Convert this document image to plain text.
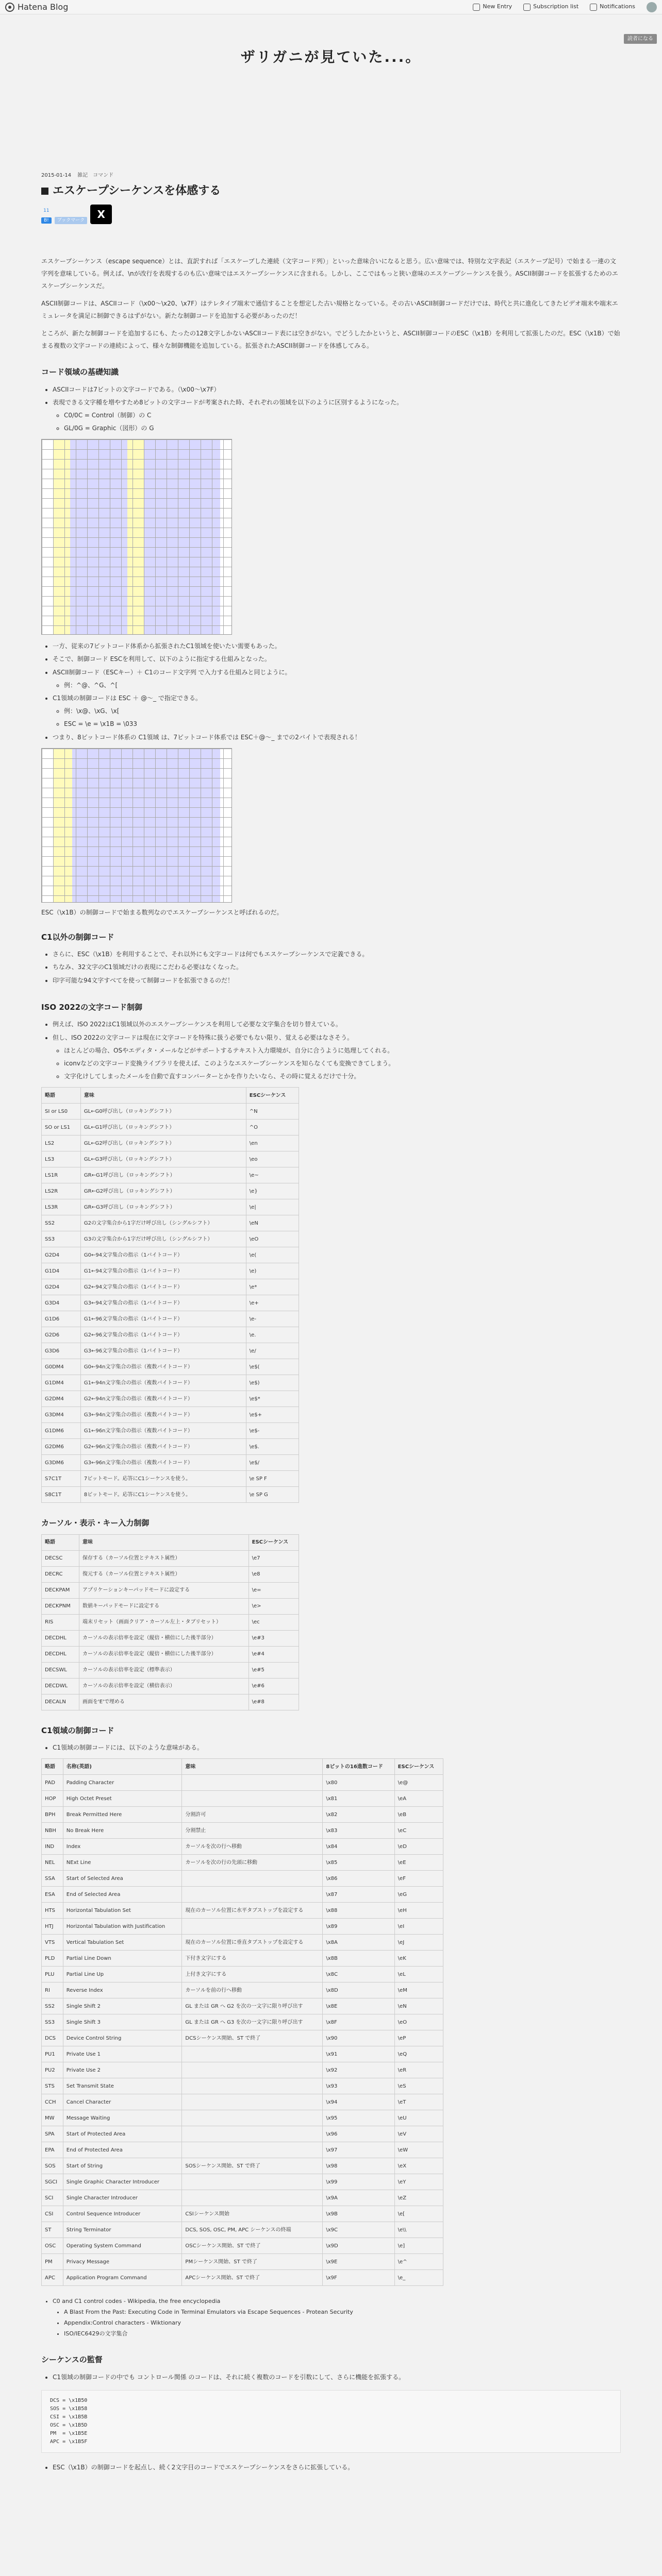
Hatena Blog	New Entry	Subscription list	Notifications
ザリガニが見ていた...。
読者になる
2015-01-14 雑記　コマンド
エスケープシーケンスを体感する
11
B!	ブックマーク	X

エスケープシーケンス（escape sequence）とは、直訳すれば「エスケープした連続（文字コード列）」といった意味合いになると思う。広い意味では、特別な文字表記（エスケープ記号）で始まる一連の文字列を意味している。例えば、\nが改行を表現するのも広い意味ではエスケープシーケンスに含まれる。しかし、ここではもっと狭い意味のエスケープシーケンスを扱う。ASCII制御コードを拡張するためのエスケープシーケンスだ。

ASCII制御コードは、ASCIIコード（\x00〜\x20、\x7F）はテレタイプ端末で通信することを想定した古い規格となっている。その古いASCII制御コードだけでは、時代と共に進化してきたビデオ端末や端末エミュレータを満足に制御できるはずがない。新たな制御コードを追加する必要があったのだ！

ところが、新たな制御コードを追加するにも、たったの128文字しかないASCIIコード表には空きがない。でどうしたかというと、ASCII制御コードのESC（\x1B）を利用して拡張したのだ。ESC（\x1B）で始まる複数の文字コードの連続によって、様々な制御機能を追加している。拡張されたASCII制御コードを体感してみる。

コード領域の基礎知識
• ASCIIコードは7ビットの文字コードである。（\x00〜\x7F）
• 表現できる文字種を増やすため8ビットの文字コードが考案された時、それぞれの領域を以下のように区別するようになった。
◦ C0/0C = Control（制御）の C
◦ GL/0G = Graphic（図形）の G
• 一方、従来の7ビットコード体系から拡張されたC1領域を使いたい需要もあった。
• そこで、制御コード ESCを利用して、以下のように指定する仕組みとなった。
• ASCII制御コード（ESCキー）＋ C1のコード文字列 で入力する仕組みと同じように。
◦ 例：^@、^G、^[
• C1領域の制御コードは ESC ＋ @〜_ で指定できる。
◦ 例：\x@、\xG、\x[
◦ ESC = \e = \x1B = \033
• つまり、8ビットコード体系の C1領域 は、7ビットコード体系では ESC＋@〜_ までの2バイトで表現される！

ESC（\x1B）の制御コードで始まる数列なのでエスケープシーケンスと呼ばれるのだ。

C1以外の制御コード
• さらに、ESC（\x1B）を利用することで、それ以外にも文字コードは何でもエスケープシーケンスで定義できる。
• ちなみ、32文字のC1領域だけの表現にこだわる必要はなくなった。
• 印字可能な94文字すべてを使って制御コードを拡張できるのだ！
ISO 2022の文字コード制御
• 例えば、ISO 2022はC1領域以外のエスケープシーケンスを利用して必要な文字集合を切り替えている。
• 但し、ISO 2022の文字コードは現在に文字コードを特殊に扱う必要でもない限り、覚える必要はなさそう。
◦ ほとんどの場合、OSやエディタ・メールなどがサポートするテキスト入力環境が、自分に合うように処理してくれる。
◦ iconvなどの文字コード変換ライブラリを使えば、このようなエスケープシーケンスを知らなくても変換できてしまう。
◦ 文字化けしてしまったメールを自動で直すコンバーターとかを作りたいなら、その時に覚えるだけで十分。
略語	意味	ESCシーケンス
SI or LS0	GL←G0呼び出し（ロッキングシフト）	^N
SO or LS1	GL←G1呼び出し（ロッキングシフト）	^O
LS2	GL←G2呼び出し（ロッキングシフト）	\en
LS3	GL←G3呼び出し（ロッキングシフト）	\eo
LS1R	GR←G1呼び出し（ロッキングシフト）	\e~
LS2R	GR←G2呼び出し（ロッキングシフト）	\e}
LS3R	GR←G3呼び出し（ロッキングシフト）	\e|
SS2	G2の文字集合から1字だけ呼び出し（シングルシフト）	\eN
SS3	G3の文字集合から1字だけ呼び出し（シングルシフト）	\eO
G2D4	G0←94文字集合の指示（1バイトコード）	\e(
G1D4	G1←94文字集合の指示（1バイトコード）	\e)
G2D4	G2←94文字集合の指示（1バイトコード）	\e*
G3D4	G3←94文字集合の指示（1バイトコード）	\e+
G1D6	G1←96文字集合の指示（1バイトコード）	\e-
G2D6	G2←96文字集合の指示（1バイトコード）	\e.
G3D6	G3←96文字集合の指示（1バイトコード）	\e/
G0DM4	G0←94n文字集合の指示（複数バイトコード）	\e$(
G1DM4	G1←94n文字集合の指示（複数バイトコード）	\e$)
G2DM4	G2←94n文字集合の指示（複数バイトコード）	\e$*
G3DM4	G3←94n文字集合の指示（複数バイトコード）	\e$+
G1DM6	G1←96n文字集合の指示（複数バイトコード）	\e$-
G2DM6	G2←96n文字集合の指示（複数バイトコード）	\e$.
G3DM6	G3←96n文字集合の指示（複数バイトコード）	\e$/
S7C1T	7ビットモード。応答にC1シーケンスを使う。	\e SP F
S8C1T	8ビットモード。応答にC1シーケンスを使う。	\e SP G
カーソル・表示・キー入力制御
略語	意味	ESCシーケンス
DECSC	保存する（カーソル位置とテキスト属性）	\e7
DECRC	復元する（カーソル位置とテキスト属性）	\e8
DECKPAM	アプリケーションキーパッドモードに設定する	\e=
DECKPNM	数値キーパッドモードに設定する	\e>
RIS	端末リセット（画面クリア・カーソル左上・タブリセット）	\ec
DECDHL	カーソルの表示倍率を設定（縦倍・横倍にした後半部分）	\e#3
DECDHL	カーソルの表示倍率を設定（縦倍・横倍にした後半部分）	\e#4
DECSWL	カーソルの表示倍率を設定（標準表示）	\e#5
DECDWL	カーソルの表示倍率を設定（横倍表示）	\e#6
DECALN	画面を'E'で埋める	\e#8
C1領域の制御コード
• C1領域の制御コードには、以下のような意味がある。
略語	名称(英語)	意味	8ビットの16進数コード	ESCシーケンス
PAD	Padding Character		\x80	\e@
HOP	High Octet Preset		\x81	\eA
BPH	Break Permitted Here	分割許可	\x82	\eB
NBH	No Break Here	分割禁止	\x83	\eC
IND	Index	カーソルを次の行へ移動	\x84	\eD
NEL	NExt Line	カーソルを次の行の先頭に移動	\x85	\eE
SSA	Start of Selected Area		\x86	\eF
ESA	End of Selected Area		\x87	\eG
HTS	Horizontal Tabulation Set	現在のカーソル位置に水平タブストップを設定する	\x88	\eH
HTJ	Horizontal Tabulation with Justification		\x89	\eI
VTS	Vertical Tabulation Set	現在のカーソル位置に垂直タブストップを設定する	\x8A	\eJ
PLD	Partial Line Down	下付き文字にする	\x8B	\eK
PLU	Partial Line Up	上付き文字にする	\x8C	\eL
RI	Reverse Index	カーソルを前の行へ移動	\x8D	\eM
SS2	Single Shift 2	GL または GR へ G2 を次の一文字に限り呼び出す	\x8E	\eN
SS3	Single Shift 3	GL または GR へ G3 を次の一文字に限り呼び出す	\x8F	\eO
DCS	Device Control String	DCSシーケンス開始、ST で終了	\x90	\eP
PU1	Private Use 1		\x91	\eQ
PU2	Private Use 2		\x92	\eR
STS	Set Transmit State		\x93	\eS
CCH	Cancel Character		\x94	\eT
MW	Message Waiting		\x95	\eU
SPA	Start of Protected Area		\x96	\eV
EPA	End of Protected Area		\x97	\eW
SOS	Start of String	SOSシーケンス開始、ST で終了	\x98	\eX
SGCI	Single Graphic Character Introducer		\x99	\eY
SCI	Single Character Introducer		\x9A	\eZ
CSI	Control Sequence Introducer	CSIシーケンス開始	\x9B	\e[
ST	String Terminator	DCS, SOS, OSC, PM, APC シーケンスの終端	\x9C	\e\\
OSC	Operating System Command	OSCシーケンス開始、ST で終了	\x9D	\e]
PM	Privacy Message	PMシーケンス開始、ST で終了	\x9E	\e^
APC	Application Program Command	APCシーケンス開始、ST で終了	\x9F	\e_
• C0 and C1 control codes - Wikipedia, the free encyclopedia
• A Blast From the Past: Executing Code in Terminal Emulators via Escape Sequences - Protean Security
• Appendix:Control characters - Wiktionary
• ISO/IEC6429の文字集合
シーケンスの監督
• C1領域の制御コードの中でも コントロール関係 のコードは、それに続く複数のコードを引数にして、さらに機能を拡張する。
DCS = \x1B50
SOS = \x1B58
CSI = \x1B5B
OSC = \x1B5D
PM  = \x1B5E
APC = \x1B5F
• ESC（\x1B）の制御コードを起点し、続く2文字目のコードでエスケープシーケンスをさらに拡張している。
